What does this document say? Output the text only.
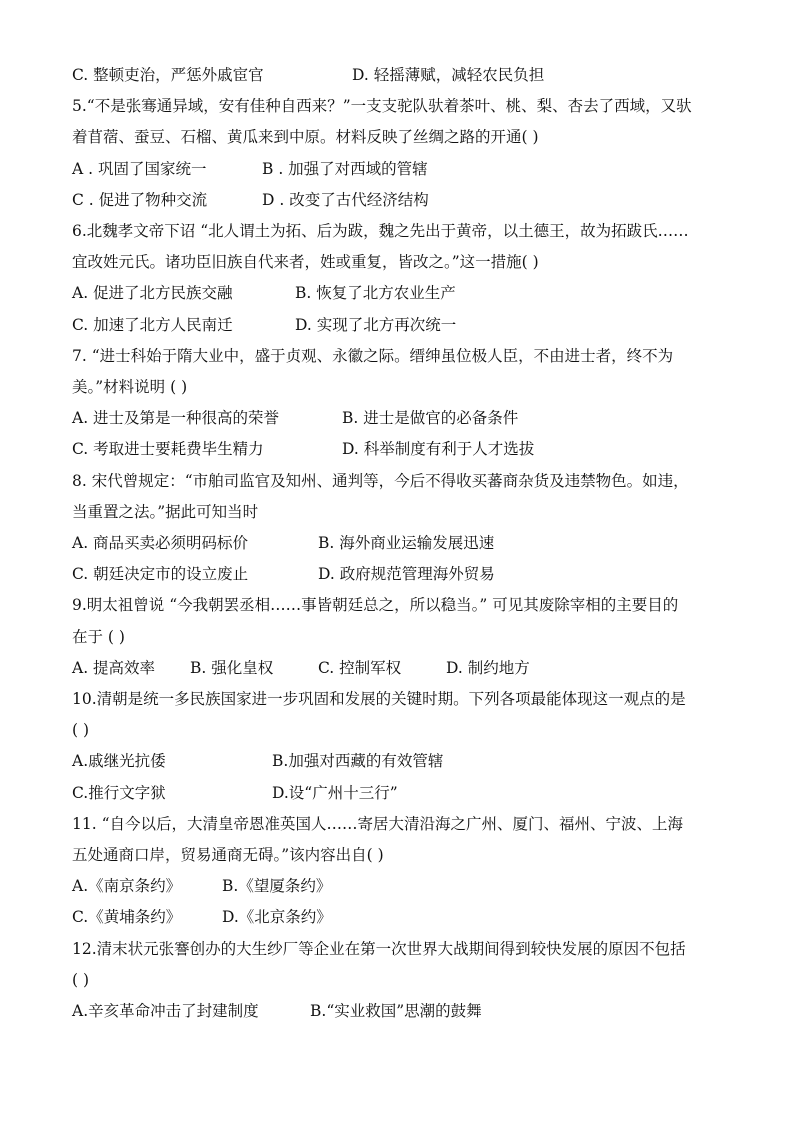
C. 整顿吏治，严惩外戚宦官	D. 轻摇薄赋，减轻农民负担
5.“不是张骞通异域，安有佳种自西来？”一支支驼队驮着茶叶、桃、梨、杏去了西域，又驮
着苜蓿、蚕豆、石榴、黄瓜来到中原。材料反映了丝绸之路的开通( )
A . 巩固了国家统一	B . 加强了对西域的管辖
C . 促进了物种交流	D . 改变了古代经济结构
6.北魏孝文帝下诏 “北人谓土为拓、后为跋，魏之先出于黄帝，以土德王，故为拓跋氏……
宜改姓元氏。诸功臣旧族自代来者，姓或重复，皆改之。”这一措施( )
A. 促进了北方民族交融	B. 恢复了北方农业生产
C. 加速了北方人民南迁	D. 实现了北方再次统一
7. “进士科始于隋大业中，盛于贞观、永徽之际。缙绅虽位极人臣，不由进士者，终不为
美。”材料说明 ( )
A. 进士及第是一种很高的荣誉	B. 进士是做官的必备条件
C. 考取进士要耗费毕生精力	D. 科举制度有利于人才选拔
8. 宋代曾规定：“市舶司监官及知州、通判等，今后不得收买蕃商杂货及违禁物色。如违，
当重置之法。”据此可知当时
A. 商品买卖必须明码标价	B. 海外商业运输发展迅速
C. 朝廷决定市的设立废止	D. 政府规范管理海外贸易
9.明太祖曾说 “今我朝罢丞相……事皆朝廷总之，所以稳当。” 可见其废除宰相的主要目的
在于 ( )
A. 提高效率 B. 强化皇权	C. 控制军权	D. 制约地方
10.清朝是统一多民族国家进一步巩固和发展的关键时期。下列各项最能体现这一观点的是
( )
A.戚继光抗倭	B.加强对西藏的有效管辖
C.推行文字狱	D.设“广州十三行”
11. “自今以后，大清皇帝恩准英国人……寄居大清沿海之广州、厦门、福州、宁波、上海
五处通商口岸，贸易通商无碍。”该内容出自( )
A.《南京条约》	B.《望厦条约》
C.《黄埔条约》	D.《北京条约》
12.清末状元张謇创办的大生纱厂等企业在第一次世界大战期间得到较快发展的原因不包括
( )
A.辛亥革命冲击了封建制度	B.“实业救国”思潮的鼓舞
